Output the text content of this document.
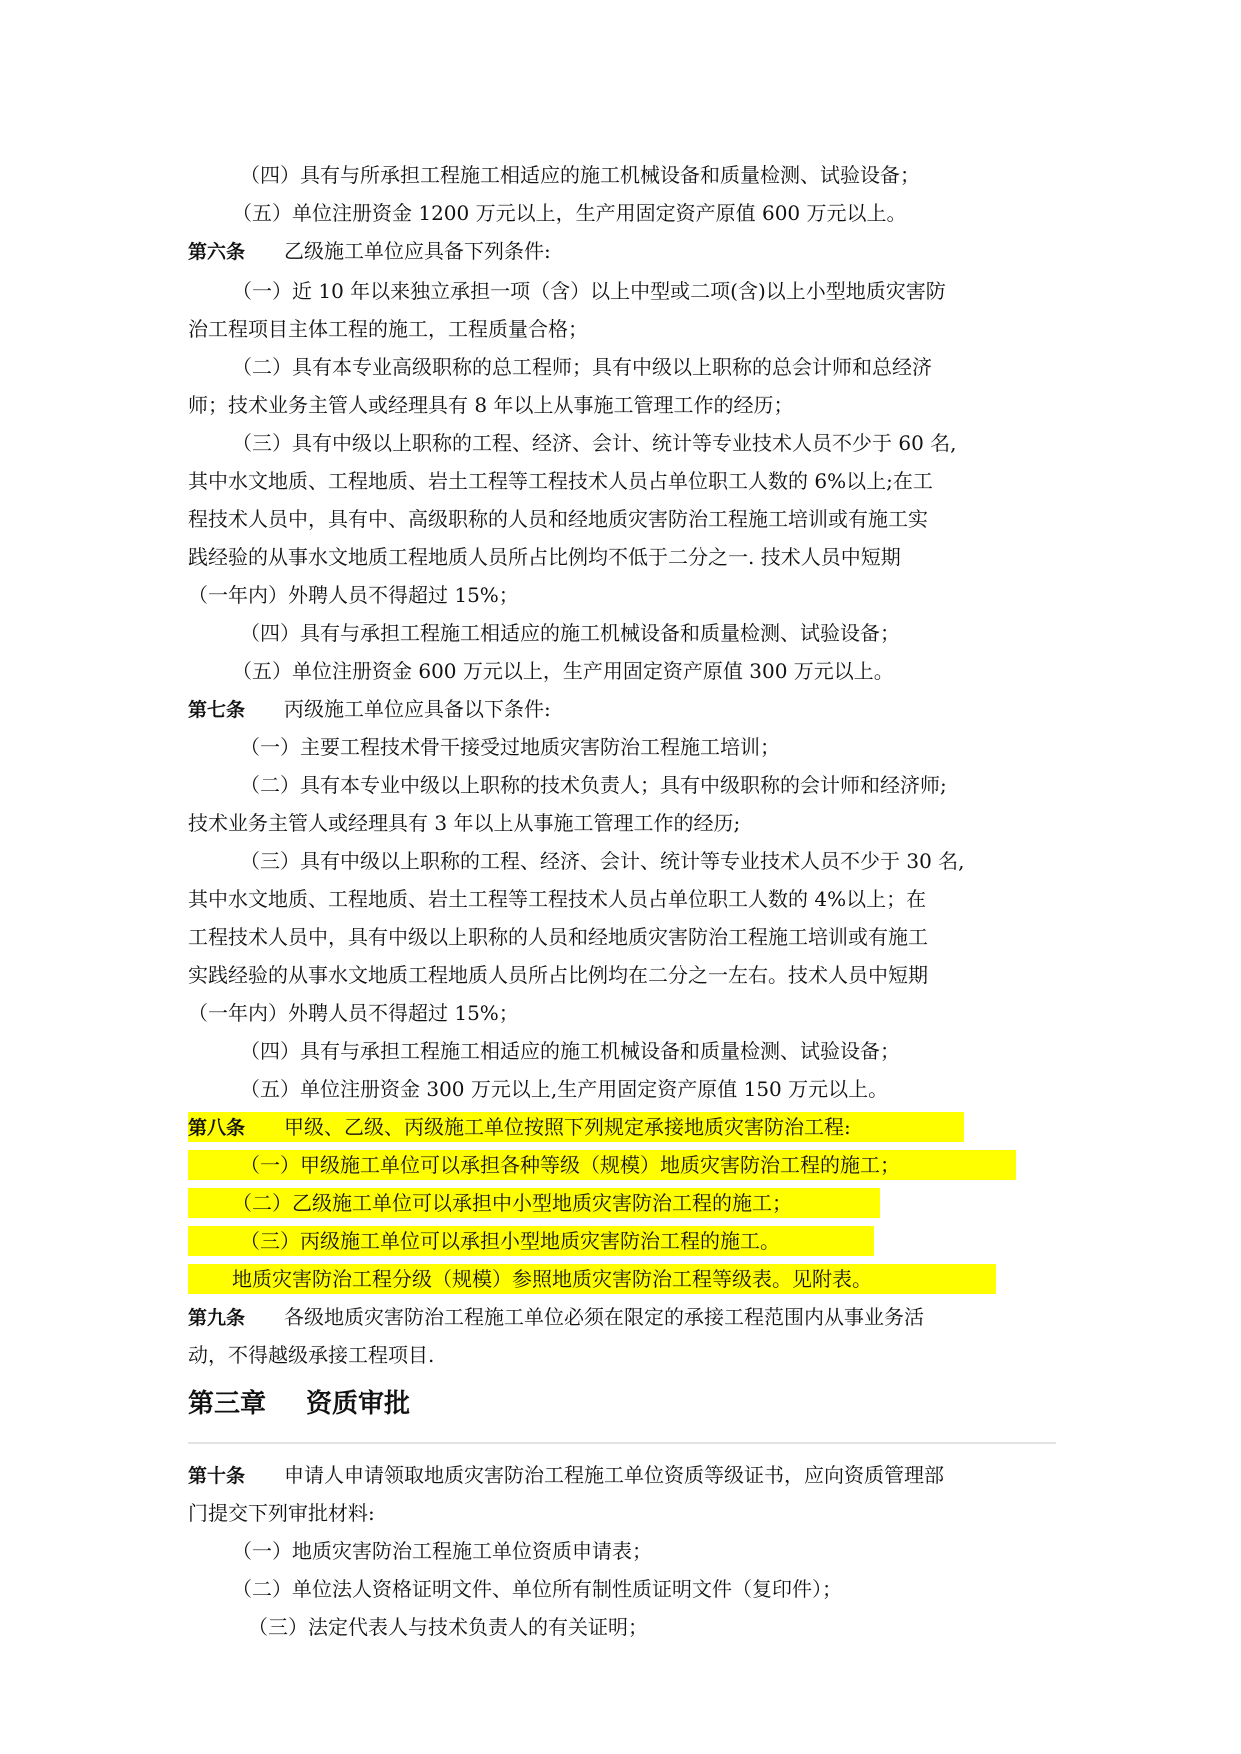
（四）具有与所承担工程施工相适应的施工机械设备和质量检测、试验设备；
（五）单位注册资金 1200 万元以上，生产用固定资产原值 600 万元以上。
第六条 乙级施工单位应具备下列条件:
（一）近 10 年以来独立承担一项（含）以上中型或二项(含)以上小型地质灾害防
治工程项目主体工程的施工，工程质量合格；
（二）具有本专业高级职称的总工程师；具有中级以上职称的总会计师和总经济
师；技术业务主管人或经理具有 8 年以上从事施工管理工作的经历；
（三）具有中级以上职称的工程、经济、会计、统计等专业技术人员不少于 60 名,
其中水文地质、工程地质、岩土工程等工程技术人员占单位职工人数的 6%以上;在工
程技术人员中，具有中、高级职称的人员和经地质灾害防治工程施工培训或有施工实
践经验的从事水文地质工程地质人员所占比例均不低于二分之一. 技术人员中短期
（一年内）外聘人员不得超过 15%；
（四）具有与承担工程施工相适应的施工机械设备和质量检测、试验设备；
（五）单位注册资金 600 万元以上，生产用固定资产原值 300 万元以上。
第七条 丙级施工单位应具备以下条件:
（一）主要工程技术骨干接受过地质灾害防治工程施工培训；
（二）具有本专业中级以上职称的技术负责人；具有中级职称的会计师和经济师;
技术业务主管人或经理具有 3 年以上从事施工管理工作的经历;
（三）具有中级以上职称的工程、经济、会计、统计等专业技术人员不少于 30 名,
其中水文地质、工程地质、岩土工程等工程技术人员占单位职工人数的 4%以上；在
工程技术人员中，具有中级以上职称的人员和经地质灾害防治工程施工培训或有施工
实践经验的从事水文地质工程地质人员所占比例均在二分之一左右。技术人员中短期
（一年内）外聘人员不得超过 15%；
（四）具有与承担工程施工相适应的施工机械设备和质量检测、试验设备；
（五）单位注册资金 300 万元以上,生产用固定资产原值 150 万元以上。
第八条 甲级、乙级、丙级施工单位按照下列规定承接地质灾害防治工程:
（一）甲级施工单位可以承担各种等级（规模）地质灾害防治工程的施工；
（二）乙级施工单位可以承担中小型地质灾害防治工程的施工；
（三）丙级施工单位可以承担小型地质灾害防治工程的施工。
地质灾害防治工程分级（规模）参照地质灾害防治工程等级表。见附表。
第九条 各级地质灾害防治工程施工单位必须在限定的承接工程范围内从事业务活
动，不得越级承接工程项目.
第三章 资质审批
第十条 申请人申请领取地质灾害防治工程施工单位资质等级证书，应向资质管理部
门提交下列审批材料:
（一）地质灾害防治工程施工单位资质申请表；
（二）单位法人资格证明文件、单位所有制性质证明文件（复印件）；
（三）法定代表人与技术负责人的有关证明；
